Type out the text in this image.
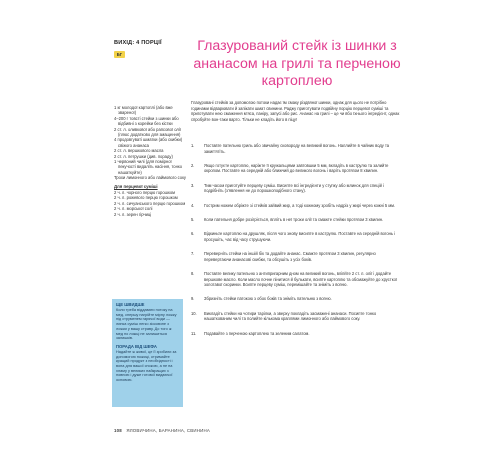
ВИХІД: 4 ПОРЦІЇ
БГ
1 кг молодої картоплі (або вже звареної)
4–200 г товсті стейки з шинки або відбивні з корейки без кістки
2 ст. л. оливкової або рапсової олії (плюс додатково для змащення)
4 продовгуваті шматки (або скибки) свіжого ананаса
2 ст. л. вершкового масла
2 ст. л. петрушки (див. пораду)
1 червоний чилі (для помірної пекучості видаліть насіння, тонко нашаткуйте)
Трохи лимонного або лаймового соку
Для перцевої суміші
2 ч. л. чорного перцю горошком
2 ч. л. рожевого перцю горошком
2 ч. л. сичуанського перцю горошком
2 ч. л. морської солі
2 ч. л. зерен гірчиці
ЩЕ ШВИДШЕ
Коли треба віддавати потоку на мед, спершу нагрійте мірну ложку під струменем гарячої води — липка суміш легко зісковзне з ложки у вашу страву. До того ж мед по ложці не залишиться залишків.
ПОРАДА ВІД ШЕФА
Надайте ж живої, це її зробили за допомогою ножиці, отримайте кращий продукт з необхідності і вона для вашої спокою, а не на хламу у великих найкращих з повною і дуже готової видаючої основою.
Глазурований стейк із шинки з ананасом на грилі та перченою картоплею
Глазуровані стейків за допомогою потоки надає їм смаку різдвяної шинки, однак для цього не потрібно годинами відварювати й запікати шмат свинини. Раджу приготувати подвійну порцію перцевої суміші та приготувати нею смаження м’яса, паніру, запусі або рис. Ананас на грилі – це чи вбо їхнього інгредієнт, однак спробуйте вон-таки варто. Тільки не кладіть його в піцу!
1. Поставте пательню гриль або звичайну сковороду на великий вогонь. Наллийте в чайник воду та закип’ятіть.
2. Якщо готуєте картоплю, наріжте її кружальцями завтовшки 5 мм, вкладіть в каструлю та залийте окропом. Поставте на середній або ближчий до великого вогонь і варіть протягом 8 хвилин.
3. Тим часом приготуйте перцеву суміш. Висипте всі інгредієнти у ступку або млинок для спецій і подрібніть (з’явлення не до порошкоподібного стану).
4. Гострим ножем обріжте зі стейків зайвий жир, а тоді кожному зробіть надріз у жирі через кожні 5 мм.
5. Коли пательня добре розігріється, впліть в неї трохи олії та смажте стейки протягом 3 хвилин.
6. Відкиньте картоплю на друшляк, після чого знову висипте в каструлю. Поставте на середній вогонь і просушіть, час від часу струшуючи.
7. Переверніть стейки на іншій бік та додайте ананас. Смажте протягом 3 хвилин, регулярно перевертаючи ананасові скибки, та обсушіть з усіх боків.
8. Поставте велику пательню з антипригарним дном на великий вогонь, вліпйте 2 ст. л. олії і додайте вершкове масло. Коли масло почне пінитися й булькати, всипте картоплю та обсмажуйте до хрусткої золотавої скоринки. Всипте перцеву суміш, перемішайте та зніміть з вогню.
9. Збризніть стейки патокою з обох боків та зніміть пательню з вогню.
10. Викладіть стейки на чотири тарілки, а зверху покладіть засмажені ананаси. Посипте тонко нашаткованим чилі та полийте кількома краплями лимонного або лаймового соку.
11. Подавайте з перченою картоплею та зеленим салатом.
108 ЯЛОВИЧИНА, БАРАНИНА, СВИНИНА
